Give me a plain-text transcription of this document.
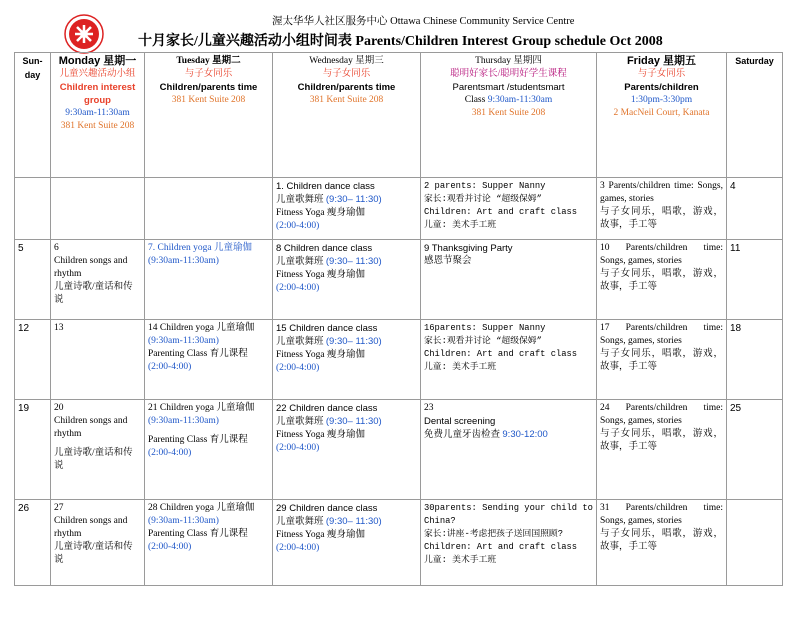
渥太华华人社区服务中心 Ottawa Chinese Community Service Centre
十月家长/儿童兴趣活动小组时间表 Parents/Children Interest Group schedule Oct 2008
Sun-
day	Monday 星期一
儿童兴趣活动小组
Children interest group
9:30am-11:30am
381 Kent Suite 208	Tuesday 星期二
与子女同乐
Children/parents time
381 Kent Suite 208	Wednesday 星期三
与子女同乐
Children/parents time
381 Kent Suite 208	Thursday 星期四
聪明好家长/聪明好学生课程
Parentsmart /studentsmart
Class 9:30am-11:30am
381 Kent Suite 208	Friday 星期五
与子女同乐
Parents/children
1:30pm-3:30pm
2 MacNeil Court, Kanata	Saturday

			1. Children dance class
儿童歌舞班 (9:30– 11:30)
Fitness Yoga 瘦身瑜伽
(2:00-4:00)	2 parents: Supper Nanny
家长:观看并讨论 “超级保姆”
Children: Art and craft class
儿童: 美术手工班	3 Parents/children time: Songs, games, stories
与子女同乐，唱歌，游戏，故事，手工等	4
5	6
Children songs and rhythm
儿童诗歌/童话和传说	7. Children yoga 儿童瑜伽
(9:30am-11:30am)	8 Children dance class
儿童歌舞班 (9:30– 11:30)
Fitness Yoga 瘦身瑜伽
(2:00-4:00)	9 Thanksgiving Party
感恩节聚会	10 Parents/children time: Songs, games, stories
与子女同乐，唱歌，游戏，故事，手工等	11
12	13	14 Children yoga 儿童瑜伽
(9:30am-11:30am)
Parenting Class 育儿课程
(2:00-4:00)	15 Children dance class
儿童歌舞班 (9:30– 11:30)
Fitness Yoga 瘦身瑜伽
(2:00-4:00)	16parents: Supper Nanny
家长:观看并讨论 “超级保姆”
Children: Art and craft class
儿童: 美术手工班	17 Parents/children time: Songs, games, stories
与子女同乐，唱歌，游戏，故事，手工等	18
19	20
Children songs and rhythm
儿童诗歌/童话和传说	21 Children yoga 儿童瑜伽
(9:30am-11:30am)
Parenting Class 育儿课程
(2:00-4:00)	22 Children dance class
儿童歌舞班 (9:30– 11:30)
Fitness Yoga 瘦身瑜伽
(2:00-4:00)	23
Dental screening
免费儿童牙齿检查 9:30-12:00	24 Parents/children time: Songs, games, stories
与子女同乐，唱歌，游戏，故事，手工等	25
26	27
Children songs and rhythm
儿童诗歌/童话和传说	28 Children yoga 儿童瑜伽
(9:30am-11:30am)
Parenting Class 育儿课程
(2:00-4:00)	29 Children dance class
儿童歌舞班 (9:30– 11:30)
Fitness Yoga 瘦身瑜伽
(2:00-4:00)	30parents: Sending your child to China?
家长:讲座-考虑把孩子送回国照顾?
Children: Art and craft class
儿童: 美术手工班	31 Parents/children time: Songs, games, stories
与子女同乐，唱歌，游戏，故事，手工等	
